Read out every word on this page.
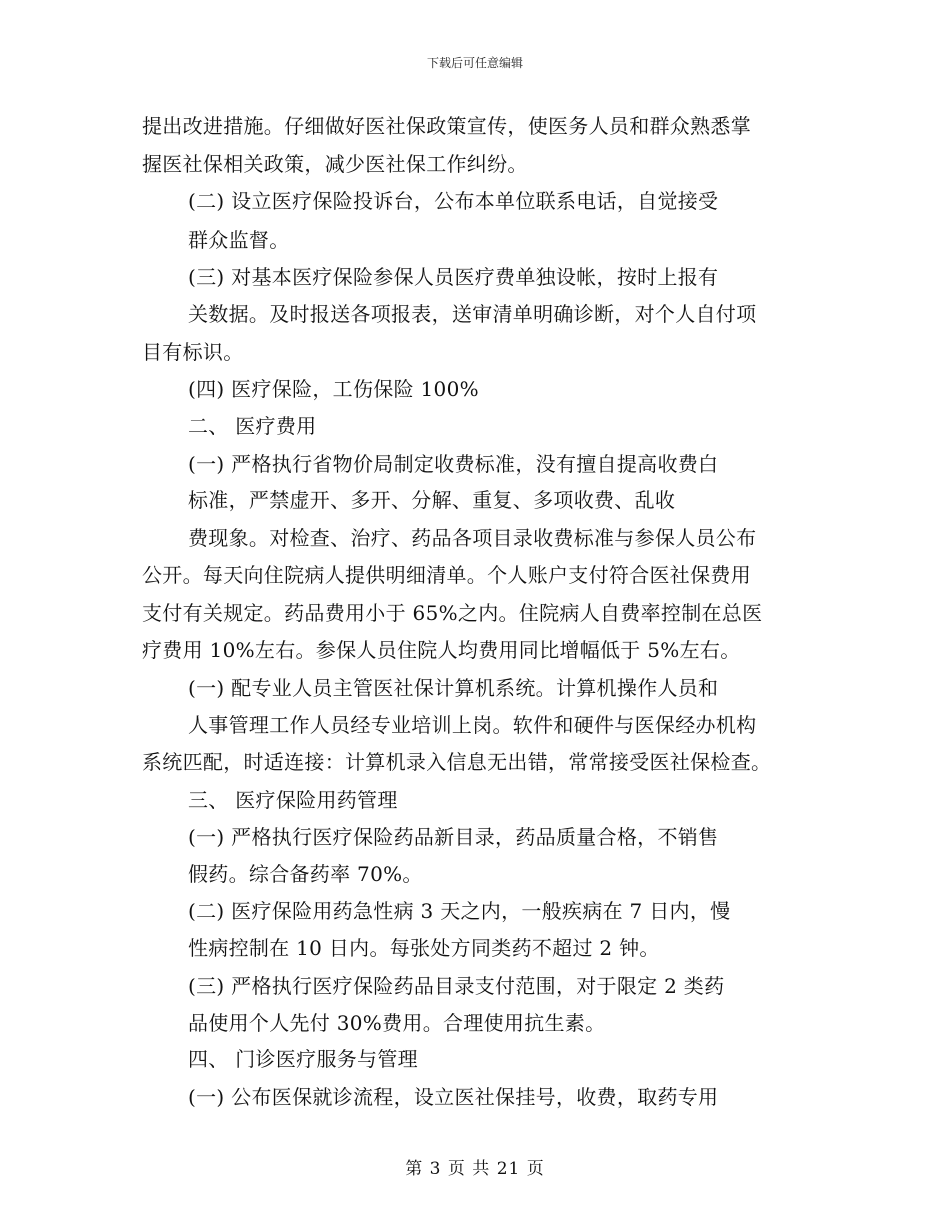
下载后可任意编辑
提出改进措施。仔细做好医社保政策宣传，使医务人员和群众熟悉掌
握医社保相关政策，减少医社保工作纠纷。
(二) 设立医疗保险投诉台，公布本单位联系电话，自觉接受
群众监督。
(三) 对基本医疗保险参保人员医疗费单独设帐，按时上报有
关数据。及时报送各项报表，送审清单明确诊断，对个人自付项
目有标识。
(四) 医疗保险，工伤保险 100%
二、 医疗费用
(一) 严格执行省物价局制定收费标准，没有擅自提高收费白
标准，严禁虚开、多开、分解、重复、多项收费、乱收
费现象。对检查、治疗、药品各项目录收费标准与参保人员公布
公开。每天向住院病人提供明细清单。个人账户支付符合医社保费用
支付有关规定。药品费用小于 65%之内。住院病人自费率控制在总医
疗费用 10%左右。参保人员住院人均费用同比增幅低于 5%左右。
(一) 配专业人员主管医社保计算机系统。计算机操作人员和
人事管理工作人员经专业培训上岗。软件和硬件与医保经办机构
系统匹配，时适连接：计算机录入信息无出错，常常接受医社保检查。
三、 医疗保险用药管理
(一) 严格执行医疗保险药品新目录，药品质量合格，不销售
假药。综合备药率 70%。
(二) 医疗保险用药急性病 3 天之内，一般疾病在 7 日内，慢
性病控制在 10 日内。每张处方同类药不超过 2 钟。
(三) 严格执行医疗保险药品目录支付范围，对于限定 2 类药
品使用个人先付 30%费用。合理使用抗生素。
四、 门诊医疗服务与管理
(一) 公布医保就诊流程，设立医社保挂号，收费，取药专用
第 3 页 共 21 页
